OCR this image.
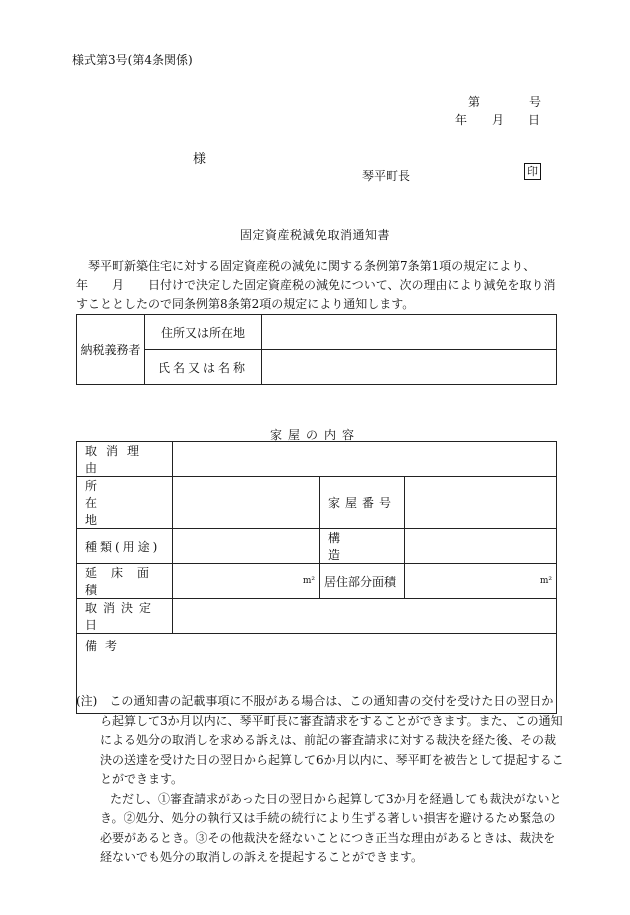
様式第3号(第4条関係)
第	号
年 月 日
様
琴平町長	印
固定資産税減免取消通知書
琴平町新築住宅に対する固定資産税の減免に関する条例第7条第1項の規定により、
年　　月　　日付けで決定した固定資産税の減免について、次の理由により減免を取り消
すこととしたので同条例第8条第2項の規定により通知します。
納税義務者	住所又は所在地	
	氏名又は名称	
家屋の内容
取消理由			
所在地		家屋番号	
種類(用途)		構造	
延床面積	m²	居住部分面積	m²
取消決定日			
備考			
(注)　 この通知書の記載事項に不服がある場合は、この通知書の交付を受けた日の翌日か
ら起算して3か月以内に、琴平町長に審査請求をすることができます。また、この通知
による処分の取消しを求める訴えは、前記の審査請求に対する裁決を経た後、その裁
決の送達を受けた日の翌日から起算して6か月以内に、琴平町を被告として提起するこ
とができます。
ただし、①審査請求があった日の翌日から起算して3か月を経過しても裁決がないと
き。②処分、処分の執行又は手続の続行により生ずる著しい損害を避けるため緊急の
必要があるとき。③その他裁決を経ないことにつき正当な理由があるときは、裁決を
経ないでも処分の取消しの訴えを提起することができます。
